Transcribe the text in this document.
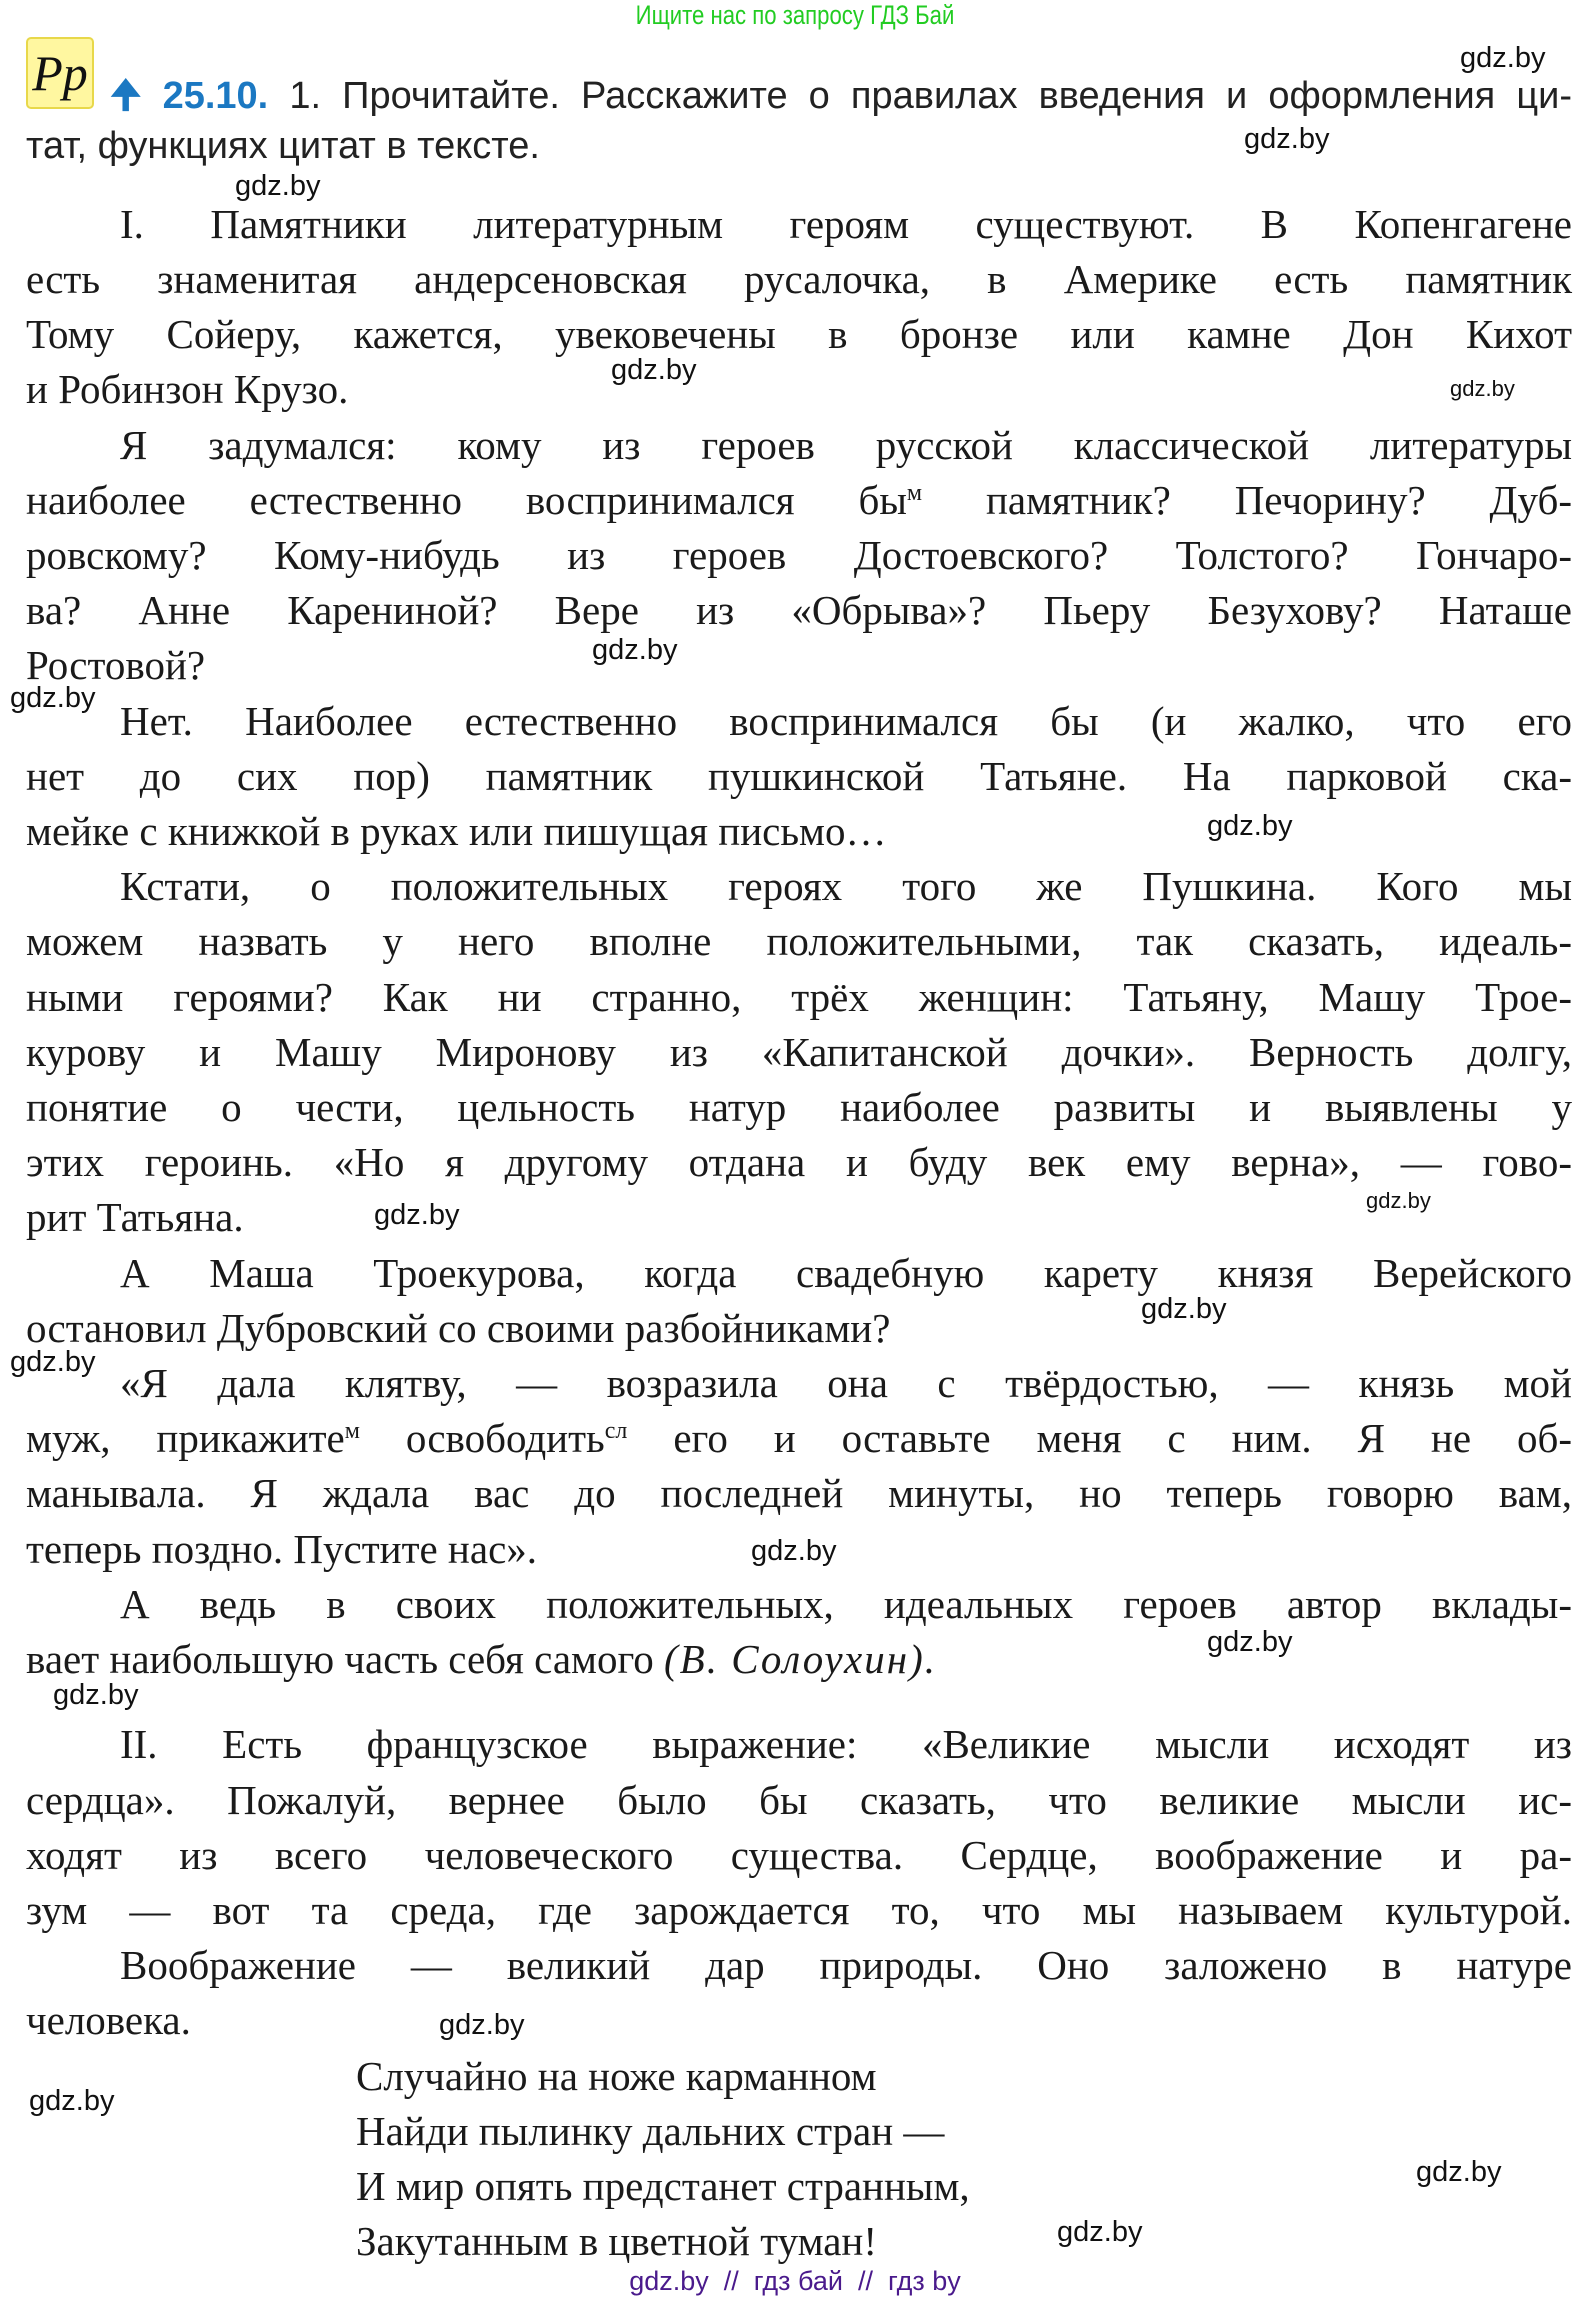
Ищите нас по запросу ГДЗ Бай
Pp 🠉 25.10. 1. Прочитайте. Расскажите о правилах введения и оформления ци-
тат, функциях цитат в тексте.
I. Памятники литературным героям существуют. В Копенгагене
есть знаменитая андерсеновская русалочка, в Америке есть памятник
Тому Сойеру, кажется, увековечены в бронзе или камне Дон Кихот
и Робинзон Крузо.
Я задумался: кому из героев русской классической литературы
наиболее естественно воспринимался $бы^м$ памятник? Печорину? Дуб-
ровскому? Кому-нибудь из героев Достоевского? Толстого? Гончаро-
ва? Анне Карениной? Вере из «Обрыва»? Пьеру Безухову? Наташе
Ростовой?
Нет. Наиболее естественно воспринимался бы (и жалко, что его
нет до сих пор) памятник пушкинской Татьяне. На парковой ска-
мейке с книжкой в руках или пишущая письмо…
Кстати, о положительных героях того же Пушкина. Кого мы
можем назвать у него вполне положительными, так сказать, идеаль-
ными героями? Как ни странно, трёх женщин: Татьяну, Машу Трое-
курову и Машу Миронову из «Капитанской дочки». Верность долгу,
понятие о чести, цельность натур наиболее развиты и выявлены у
этих героинь. «Но я другому отдана и буду век ему верна», — гово-
рит Татьяна.
А Маша Троекурова, когда свадебную карету князя Верейского
остановил Дубровский со своими разбойниками?
«Я дала клятву, — возразила она с твёрдостью, — князь мой
муж, прикажите$^м$ освободить$^{сл}$ его и оставьте меня с ним. Я не об-
манывала. Я ждала вас до последней минуты, но теперь говорю вам,
теперь поздно. Пустите нас».
А ведь в своих положительных, идеальных героев автор вклады-
вает наибольшую часть себя самого (В. Солоухин).
II. Есть французское выражение: «Великие мысли исходят из
сердца». Пожалуй, вернее было бы сказать, что великие мысли ис-
ходят из всего человеческого существа. Сердце, воображение и ра-
зум — вот та среда, где зарождается то, что мы называем культурой.
Воображение — великий дар природы. Оно заложено в натуре
человека.
Случайно на ноже карманном
Найди пылинку дальних стран —
И мир опять предстанет странным,
Закутанным в цветной туман!
gdz.by
gdz.by
gdz.by
gdz.by
gdz.by
gdz.by
gdz.by
gdz.by
gdz.by
gdz.by
gdz.by
gdz.by
gdz.by
gdz.by
gdz.by
gdz.by
gdz.by
gdz.by
gdz.by
gdz.by  //  гдз бай  //  гдз by
